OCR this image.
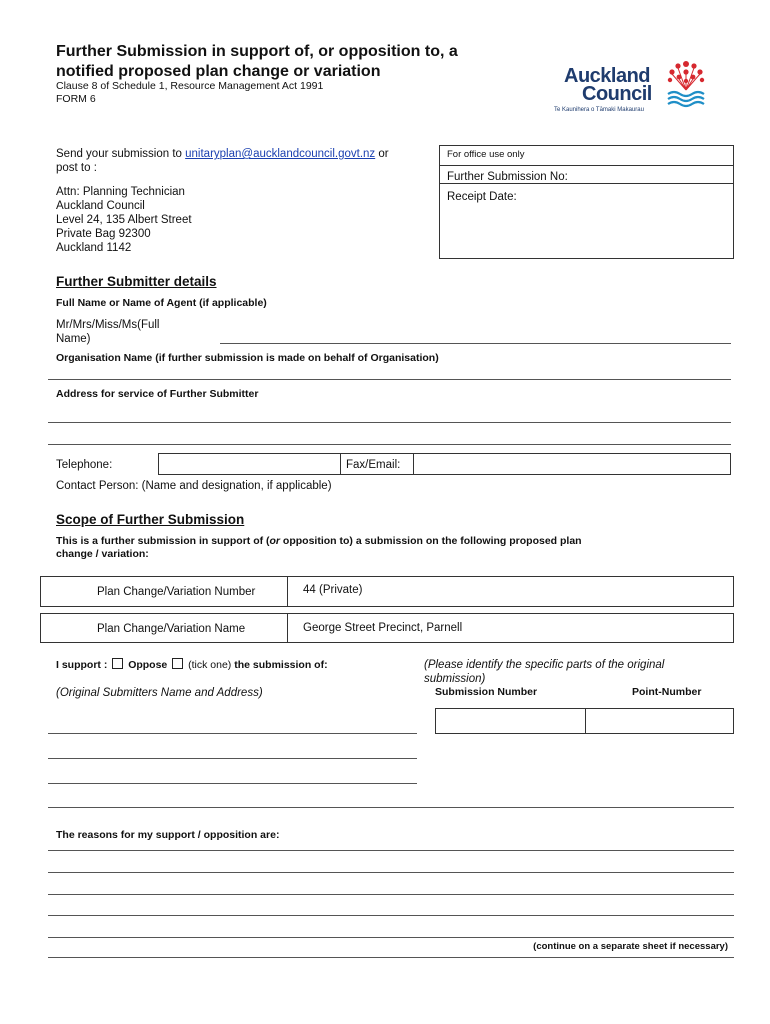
Further Submission in support of, or opposition to, a
notified proposed plan change or variation
Clause 8 of Schedule 1, Resource Management Act 1991
FORM 6
Auckland
Council
Te Kaunihera o Tāmaki Makaurau
Send your submission to unitaryplan@aucklandcouncil.govt.nz or
post to :
Attn: Planning Technician
Auckland Council
Level 24, 135 Albert Street
Private Bag 92300
Auckland 1142
For office use only
Further Submission No:
Receipt Date:
Further Submitter details
Full Name or Name of Agent (if applicable)
Mr/Mrs/Miss/Ms(Full
Name)
Organisation Name (if further submission is made on behalf of Organisation)
Address for service of Further Submitter
Telephone:	Fax/Email:
Contact Person: (Name and designation, if applicable)
Scope of Further Submission
This is a further submission in support of (or opposition to) a submission on the following proposed plan
change / variation:
Plan Change/Variation Number	44 (Private)
Plan Change/Variation Name	George Street Precinct, Parnell
I support : Oppose (tick one) the submission of:
(Original Submitters Name and Address)
(Please identify the specific parts of the original
submission)
Submission Number	Point-Number
The reasons for my support / opposition are:
(continue on a separate sheet if necessary)
